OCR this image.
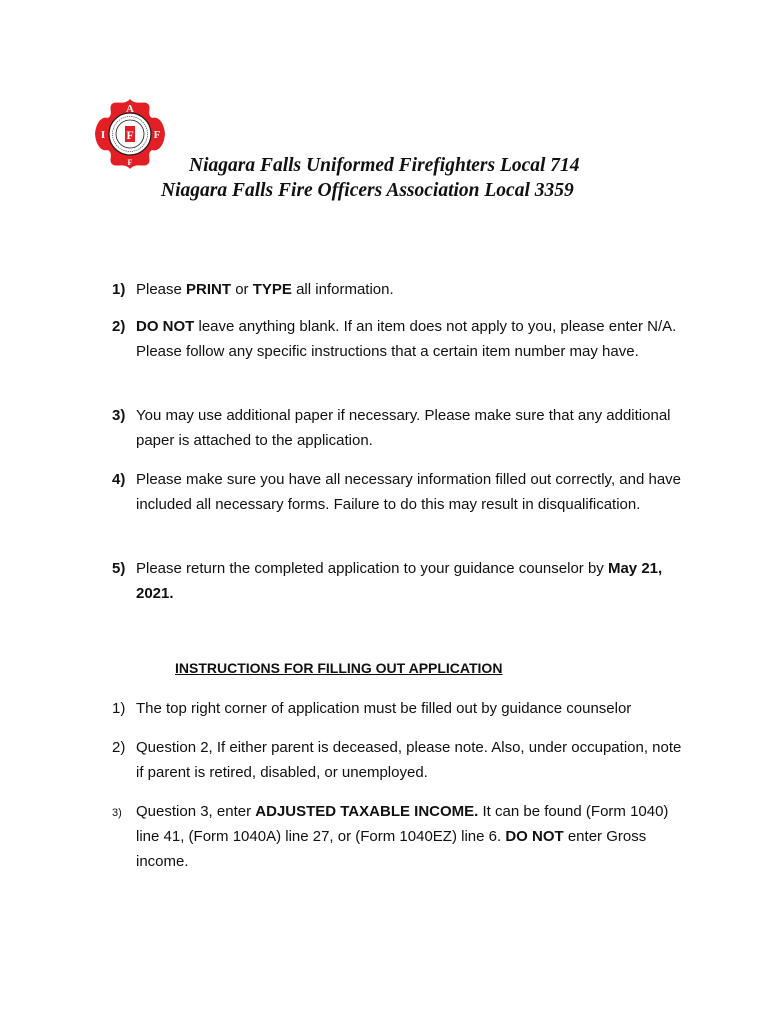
F
A
I	F
F	Niagara Falls Uniformed Firefighters Local 714
Niagara Falls Fire Officers Association Local 3359
1) Please PRINT or TYPE all information.
2) DO NOT leave anything blank. If an item does not apply to you, please enter N/A. Please follow any specific instructions that a certain item number may have.
3) You may use additional paper if necessary. Please make sure that any additional paper is attached to the application.
4) Please make sure you have all necessary information filled out correctly, and have included all necessary forms. Failure to do this may result in disqualification.
5) Please return the completed application to your guidance counselor by May 21, 2021.
INSTRUCTIONS FOR FILLING OUT APPLICATION
1) The top right corner of application must be filled out by guidance counselor
2) Question 2, If either parent is deceased, please note. Also, under occupation, note if parent is retired, disabled, or unemployed.
3) Question 3, enter ADJUSTED TAXABLE INCOME. It can be found (Form 1040) line 41, (Form 1040A) line 27, or (Form 1040EZ) line 6. DO NOT enter Gross income.
